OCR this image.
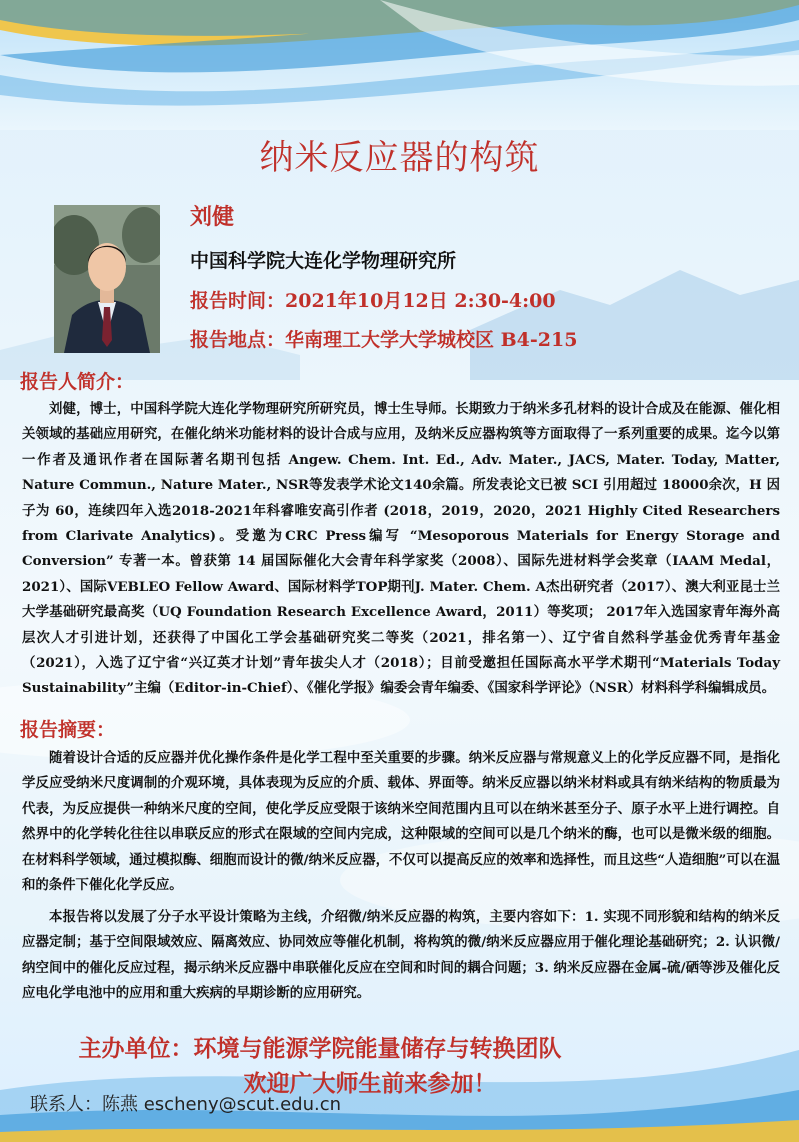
纳米反应器的构筑
刘健
中国科学院大连化学物理研究所
报告时间：2021年10月12日 2:30-4:00
报告地点：华南理工大学大学城校区 B4-215
报告人简介：
刘健，博士，中国科学院大连化学物理研究所研究员，博士生导师。长期致力于纳米多孔材料的设计合成及在能源、催化相关领域的基础应用研究，在催化纳米功能材料的设计合成与应用，及纳米反应器构筑等方面取得了一系列重要的成果。迄今以第一作者及通讯作者在国际著名期刊包括 Angew. Chem. Int. Ed., Adv. Mater., JACS, Mater. Today, Matter, Nature Commun., Nature Mater., NSR等发表学术论文140余篇。所发表论文已被 SCI 引用超过 18000余次，H 因子为 60，连续四年入选2018-2021年科睿唯安高引作者 (2018，2019，2020，2021 Highly Cited Researchers from Clarivate Analytics)。受邀为CRC Press编写 “Mesoporous Materials for Energy Storage and Conversion” 专著一本。曾获第 14 届国际催化大会青年科学家奖（2008）、国际先进材料学会奖章（IAAM Medal，2021）、国际VEBLEO Fellow Award、国际材料学TOP期刊J. Mater. Chem. A杰出研究者（2017）、澳大利亚昆士兰大学基础研究最高奖（UQ Foundation Research Excellence Award，2011）等奖项； 2017年入选国家青年海外高层次人才引进计划，还获得了中国化工学会基础研究奖二等奖（2021，排名第一）、辽宁省自然科学基金优秀青年基金（2021），入选了辽宁省“兴辽英才计划”青年拔尖人才（2018）；目前受邀担任国际高水平学术期刊“Materials Today Sustainability”主编（Editor-in-Chief）、《催化学报》编委会青年编委、《国家科学评论》（NSR）材料科学科编辑成员。
报告摘要：
随着设计合适的反应器并优化操作条件是化学工程中至关重要的步骤。纳米反应器与常规意义上的化学反应器不同，是指化学反应受纳米尺度调制的介观环境，具体表现为反应的介质、载体、界面等。纳米反应器以纳米材料或具有纳米结构的物质最为代表，为反应提供一种纳米尺度的空间，使化学反应受限于该纳米空间范围内且可以在纳米甚至分子、原子水平上进行调控。自然界中的化学转化往往以串联反应的形式在限域的空间内完成，这种限域的空间可以是几个纳米的酶，也可以是微米级的细胞。在材料科学领域，通过模拟酶、细胞而设计的微/纳米反应器，不仅可以提高反应的效率和选择性，而且这些“人造细胞”可以在温和的条件下催化化学反应。
本报告将以发展了分子水平设计策略为主线，介绍微/纳米反应器的构筑，主要内容如下：1. 实现不同形貌和结构的纳米反应器定制；基于空间限域效应、隔离效应、协同效应等催化机制，将构筑的微/纳米反应器应用于催化理论基础研究；2. 认识微/纳空间中的催化反应过程，揭示纳米反应器中串联催化反应在空间和时间的耦合问题；3. 纳米反应器在金属-硫/硒等涉及催化反应电化学电池中的应用和重大疾病的早期诊断的应用研究。
主办单位：环境与能源学院能量储存与转换团队
欢迎广大师生前来参加！
联系人：陈燕 escheny@scut.edu.cn
